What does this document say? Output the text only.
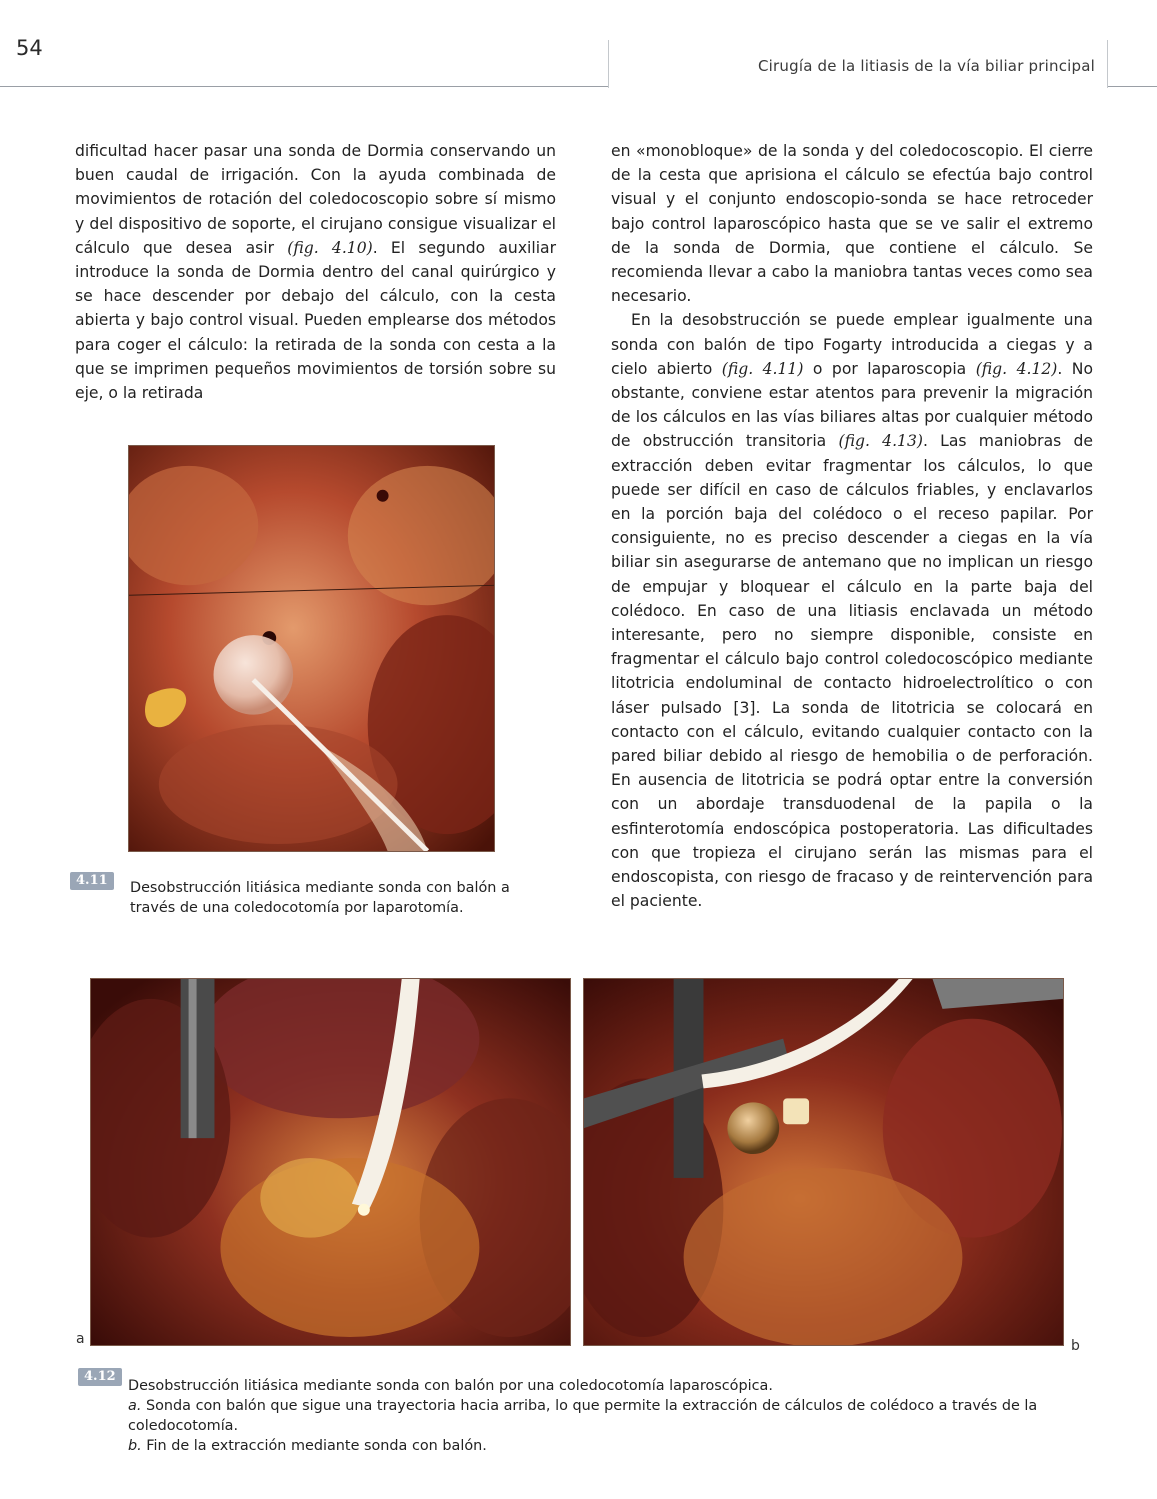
54
Cirugía de la litiasis de la vía biliar principal

dificultad hacer pasar una sonda de Dormia conservando un buen caudal de irrigación. Con la ayuda combinada de movimientos de rotación del coledocoscopio sobre sí mismo y del dispositivo de soporte, el cirujano consigue visualizar el cálculo que desea asir (fig. 4.10). El segundo auxiliar introduce la sonda de Dormia dentro del canal quirúrgico y se hace descender por debajo del cálculo, con la cesta abierta y bajo control visual. Pueden emplearse dos métodos para coger el cálculo: la retirada de la sonda con cesta a la que se imprimen pequeños movimientos de torsión sobre su eje, o la retirada

en «monobloque» de la sonda y del coledocoscopio. El cierre de la cesta que aprisiona el cálculo se efectúa bajo control visual y el conjunto endoscopio-sonda se hace retroceder bajo control laparoscópico hasta que se ve salir el extremo de la sonda de Dormia, que contiene el cálculo. Se recomienda llevar a cabo la maniobra tantas veces como sea necesario.

En la desobstrucción se puede emplear igualmente una sonda con balón de tipo Fogarty introducida a ciegas y a cielo abierto (fig. 4.11) o por laparoscopia (fig. 4.12). No obstante, conviene estar atentos para prevenir la migración de los cálculos en las vías biliares altas por cualquier método de obstrucción transitoria (fig. 4.13). Las maniobras de extracción deben evitar fragmentar los cálculos, lo que puede ser difícil en caso de cálculos friables, y enclavarlos en la porción baja del colédoco o el receso papilar. Por consiguiente, no es preciso descender a ciegas en la vía biliar sin asegurarse de antemano que no implican un riesgo de empujar y bloquear el cálculo en la parte baja del colédoco. En caso de una litiasis enclavada un método interesante, pero no siempre disponible, consiste en fragmentar el cálculo bajo control coledocoscópico mediante litotricia endoluminal de contacto hidroelectrolítico o con láser pulsado [3]. La sonda de litotricia se colocará en contacto con el cálculo, evitando cualquier contacto con la pared biliar debido al riesgo de hemobilia o de perforación. En ausencia de litotricia se podrá optar entre la conversión con un abordaje transduodenal de la papila o la esfinterotomía endoscópica postoperatoria. Las dificultades con que tropieza el cirujano serán las mismas para el endoscopista, con riesgo de fracaso y de reintervención para el paciente.

4.11	Desobstrucción litiásica mediante sonda con balón a través de una coledocotomía por laparotomía.
a	b
4.12
Desobstrucción litiásica mediante sonda con balón por una coledocotomía laparoscópica.
a. Sonda con balón que sigue una trayectoria hacia arriba, lo que permite la extracción de cálculos de colédoco a través de la coledocotomía.
b. Fin de la extracción mediante sonda con balón.
